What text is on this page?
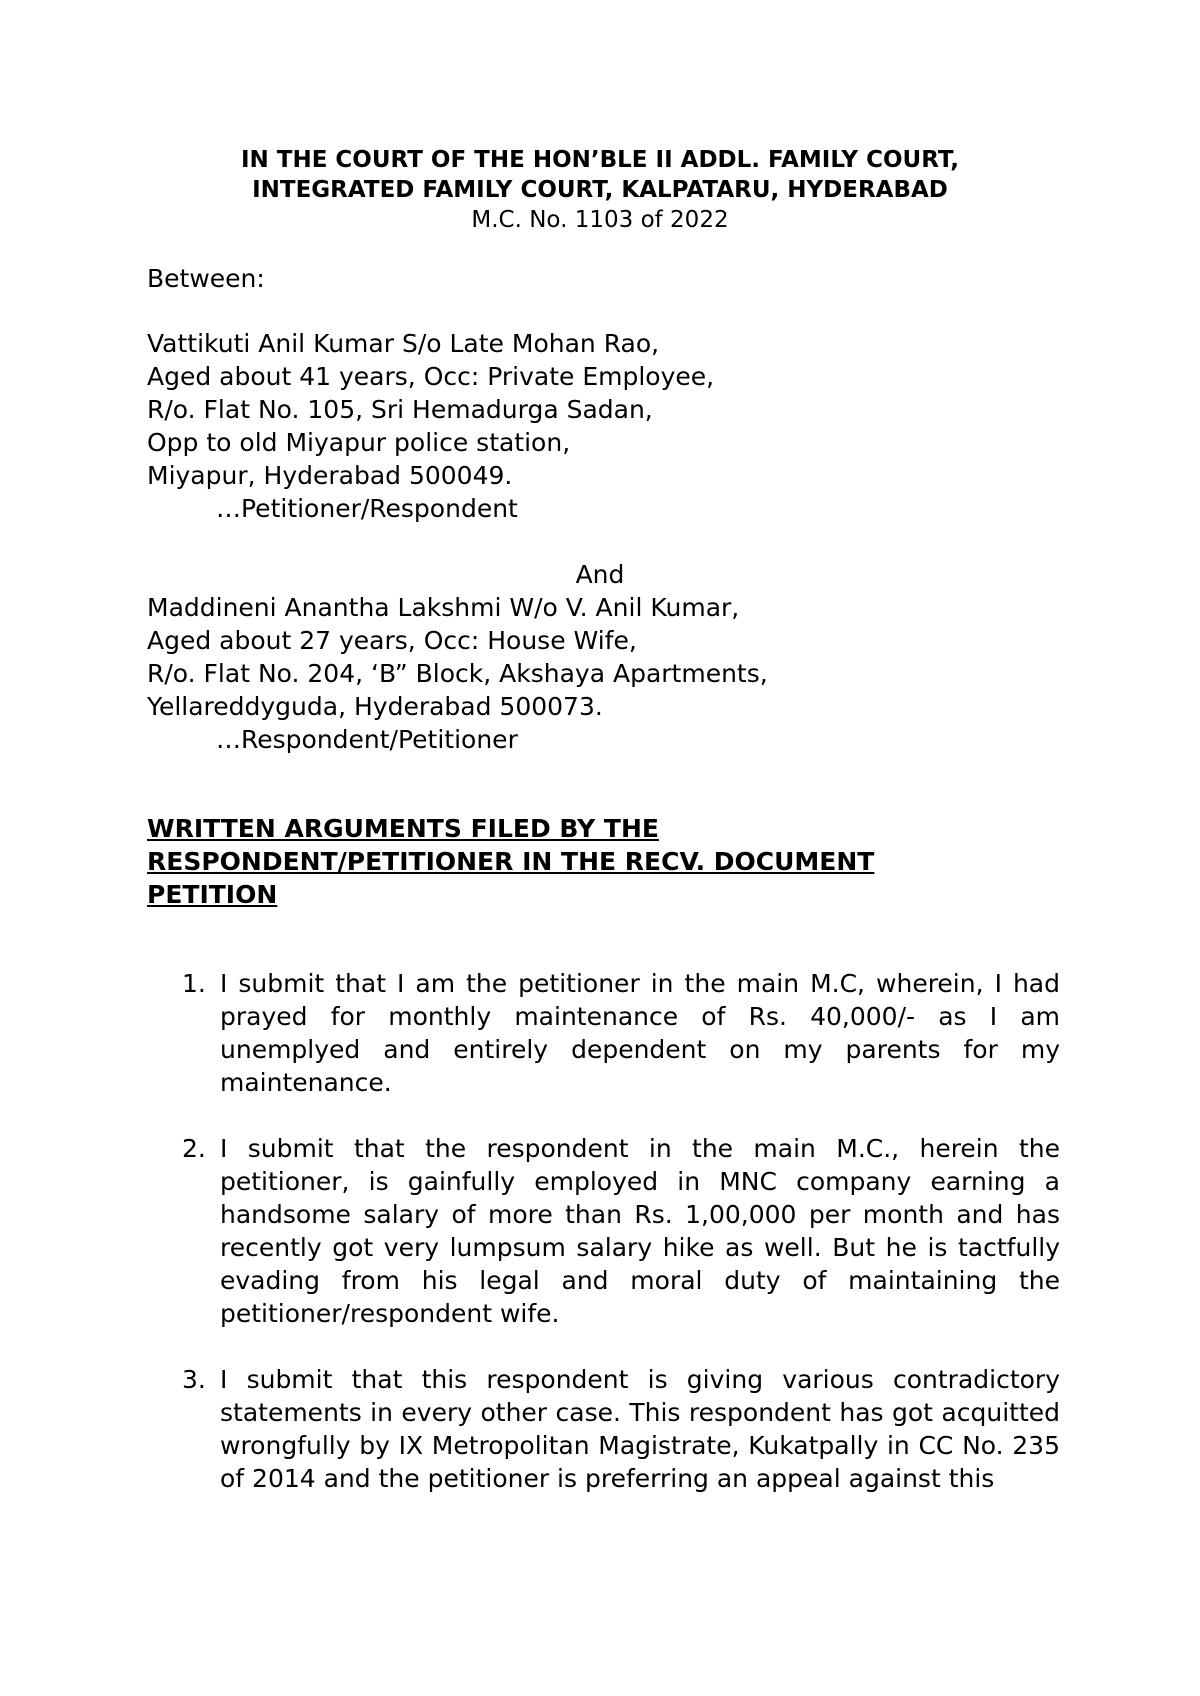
IN THE COURT OF THE HON’BLE II ADDL. FAMILY COURT,
INTEGRATED FAMILY COURT, KALPATARU, HYDERABAD
M.C. No. 1103 of 2022
Between:
Vattikuti Anil Kumar S/o Late Mohan Rao,
Aged about 41 years, Occ: Private Employee,
R/o. Flat No. 105, Sri Hemadurga Sadan,
Opp to old Miyapur police station,
Miyapur, Hyderabad 500049.
…Petitioner/Respondent
And
Maddineni Anantha Lakshmi W/o V. Anil Kumar,
Aged about 27 years, Occ: House Wife,
R/o. Flat No. 204, ‘B” Block, Akshaya Apartments,
Yellareddyguda, Hyderabad 500073.
…Respondent/Petitioner
WRITTEN ARGUMENTS FILED BY THE
RESPONDENT/PETITIONER IN THE RECV. DOCUMENT
PETITION
1. I submit that I am the petitioner in the main M.C, wherein, I had prayed for monthly maintenance of Rs. 40,000/- as I am unemplyed and entirely dependent on my parents for my maintenance.
2. I submit that the respondent in the main M.C., herein the petitioner, is gainfully employed in MNC company earning a handsome salary of more than Rs. 1,00,000 per month and has recently got very lumpsum salary hike as well. But he is tactfully evading from his legal and moral duty of maintaining the petitioner/respondent wife.
3. I submit that this respondent is giving various contradictory statements in every other case. This respondent has got acquitted wrongfully by IX Metropolitan Magistrate, Kukatpally in CC No. 235 of 2014 and the petitioner is preferring an appeal against this
